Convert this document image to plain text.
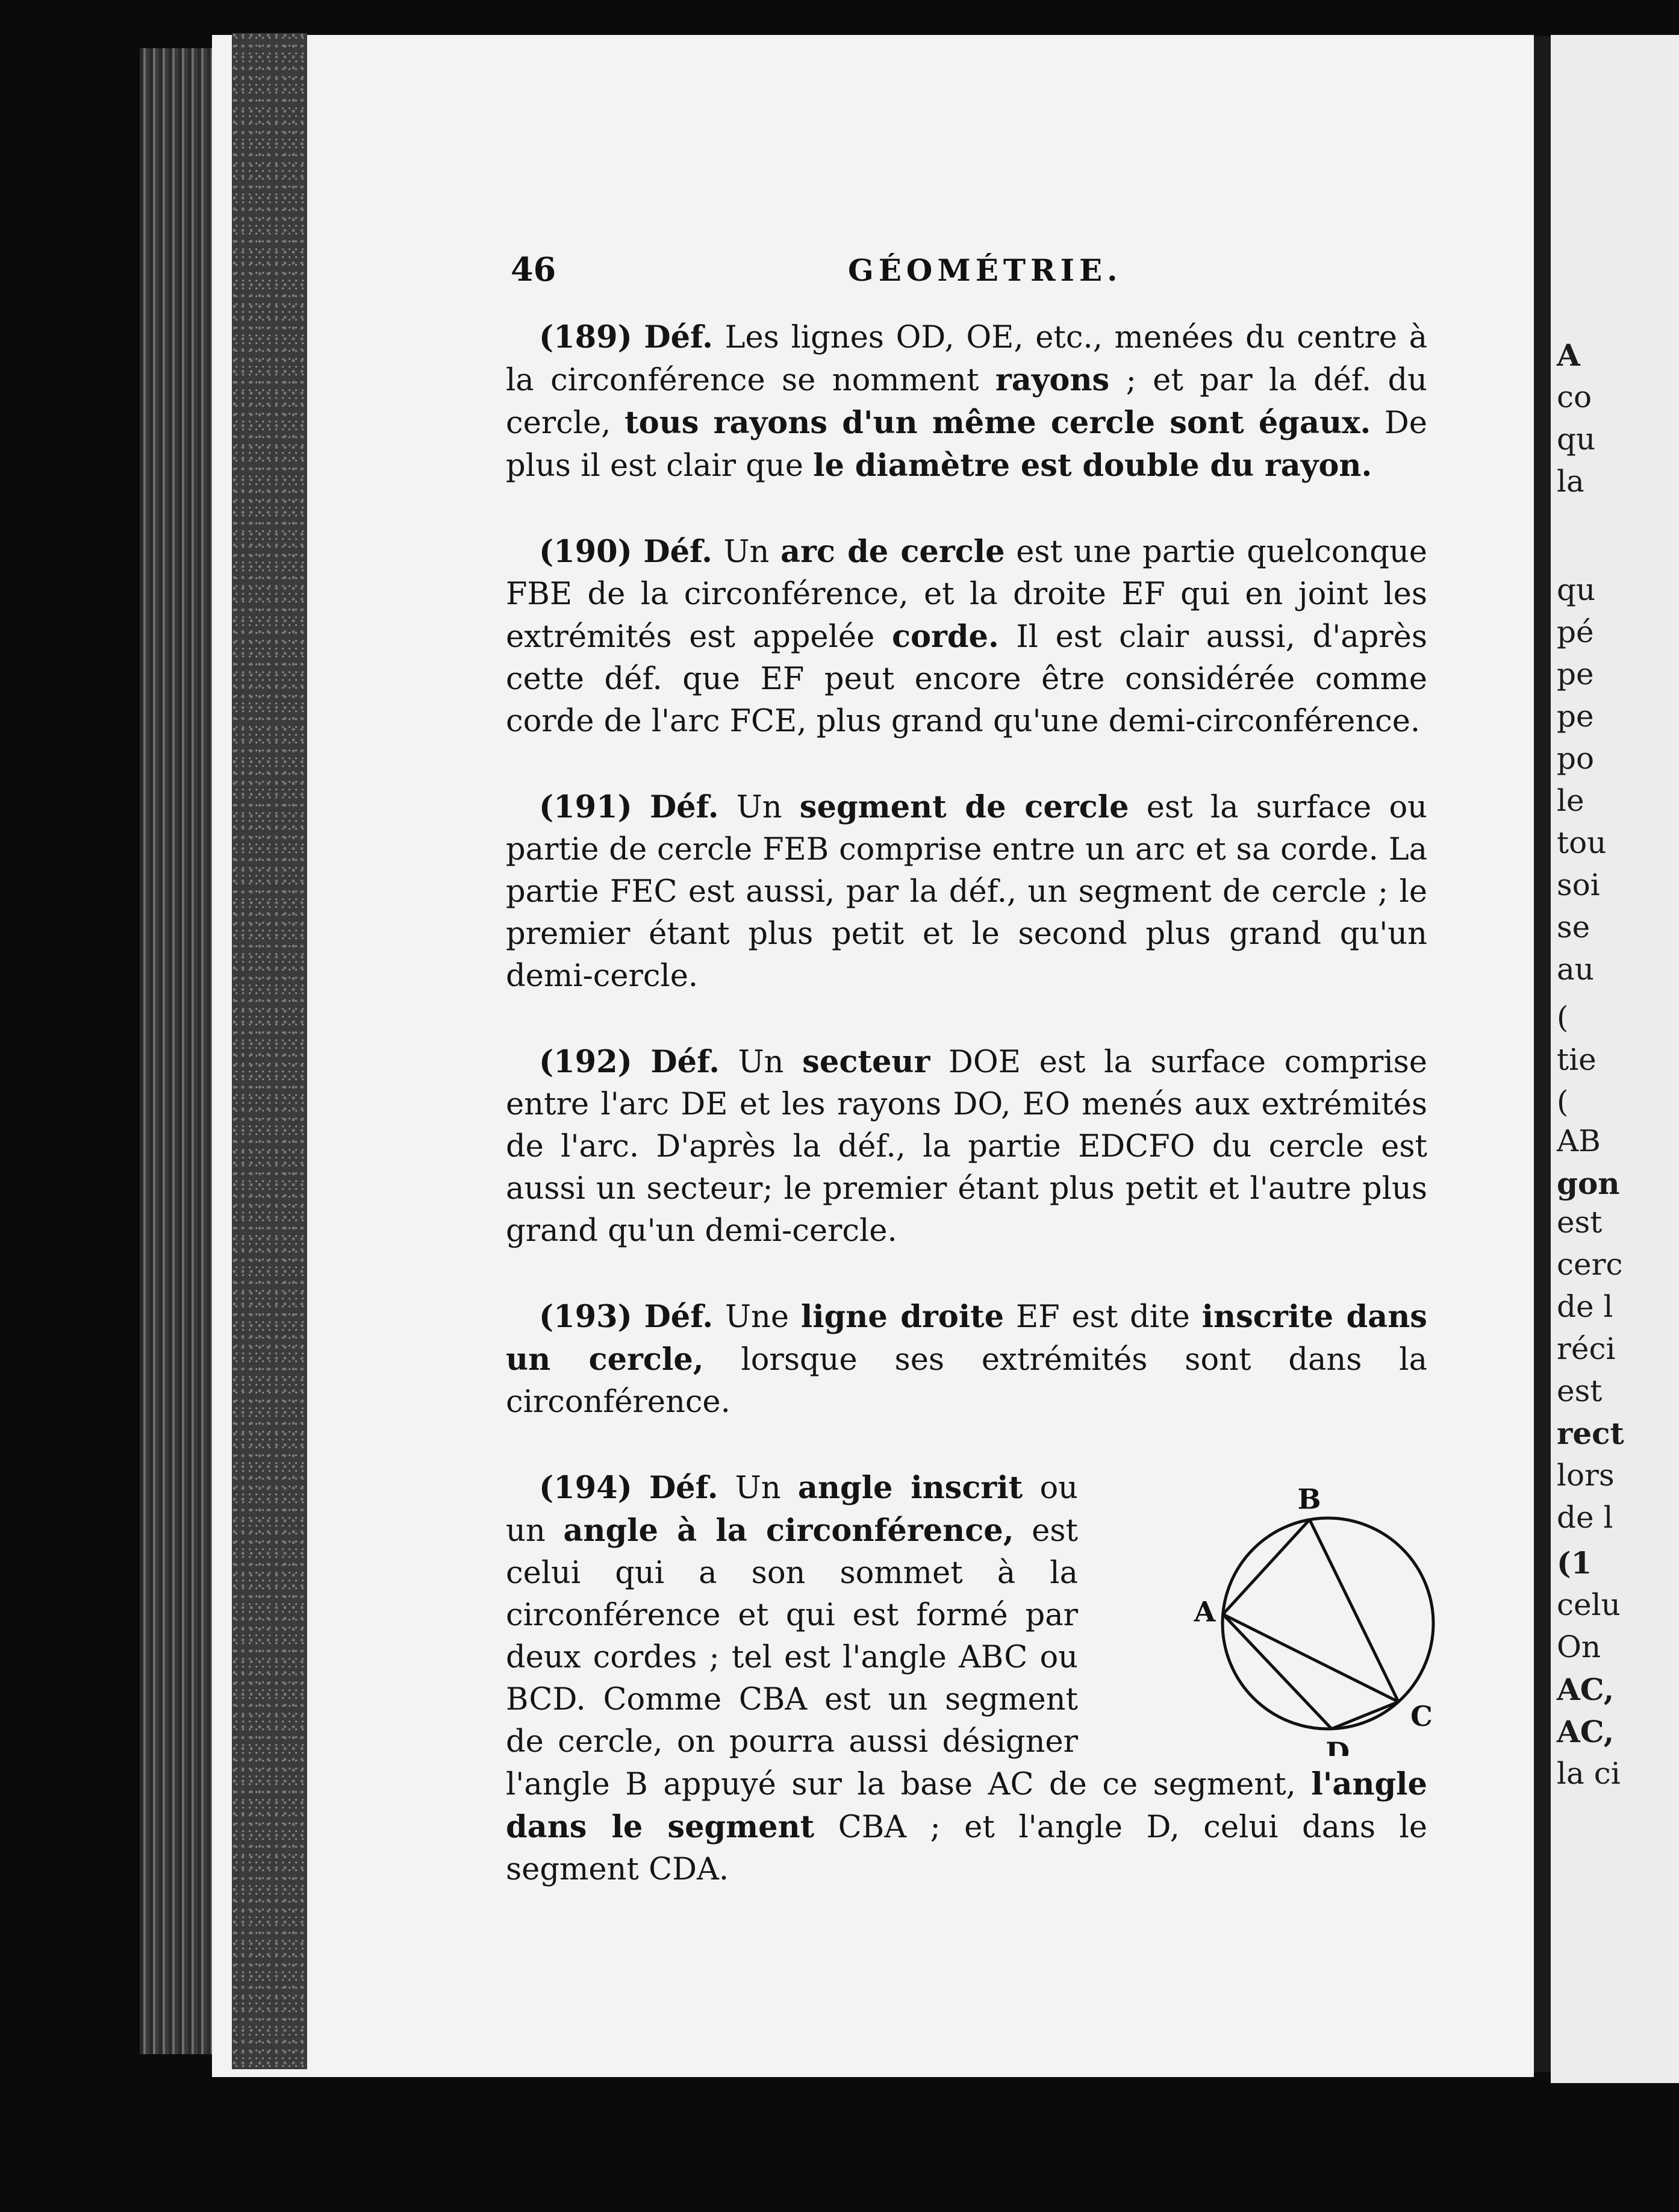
A
co
qu
la
qu
pé
pe
pe
po
le
tou
soi
se
au
(
tie
(
AB
gon
est
cerc
de l
réci
est
rect
lors
de l
(1
celu
On
AC,
AC,
la ci
46	GÉOMÉTRIE.

(189) Déf. Les lignes OD, OE, etc., menées du centre à la circonférence se nomment rayons ; et par la déf. du cercle, tous rayons d'un même cercle sont égaux. De plus il est clair que le diamètre est double du rayon.

(190) Déf. Un arc de cercle est une partie quelconque FBE de la circonférence, et la droite EF qui en joint les extrémités est appelée corde. Il est clair aussi, d'après cette déf. que EF peut encore être considérée comme corde de l'arc FCE, plus grand qu'une demi-circonférence.

(191) Déf. Un segment de cercle est la surface ou partie de cercle FEB comprise entre un arc et sa corde. La partie FEC est aussi, par la déf., un segment de cercle ; le premier étant plus petit et le second plus grand qu'un demi-cercle.

(192) Déf. Un secteur DOE est la surface comprise entre l'arc DE et les rayons DO, EO menés aux extrémités de l'arc. D'après la déf., la partie EDCFO du cercle est aussi un secteur; le premier étant plus petit et l'autre plus grand qu'un demi-cercle.

(193) Déf. Une ligne droite EF est dite inscrite dans un cercle, lorsque ses extrémités sont dans la circonférence.

A
B
C
D
(194) Déf. Un angle inscrit ou un angle à la circonférence, est celui qui a son sommet à la circonférence et qui est formé par deux cordes ; tel est l'angle ABC ou BCD. Comme CBA est un segment de cercle, on pourra aussi désigner l'angle B appuyé sur la base AC de ce segment, l'angle dans le segment CBA ; et l'angle D, celui dans le segment CDA.
